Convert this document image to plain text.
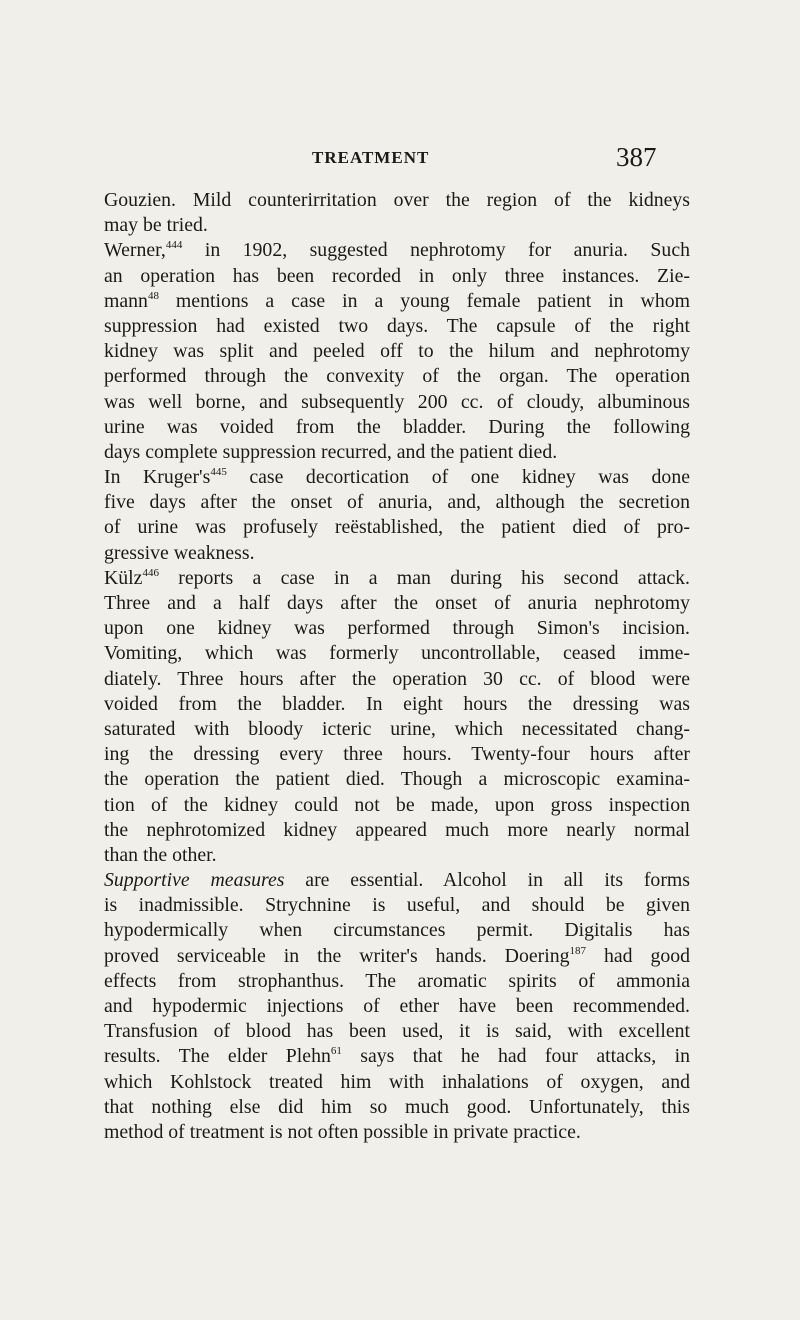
TREATMENT	387
Gouzien. Mild counterirritation over the region of the kidneys
may be tried.
Werner,$^{444}$ in 1902, suggested nephrotomy for anuria. Such
an operation has been recorded in only three instances. Zie-
mann$^{48}$ mentions a case in a young female patient in whom
suppression had existed two days. The capsule of the right
kidney was split and peeled off to the hilum and nephrotomy
performed through the convexity of the organ. The operation
was well borne, and subsequently 200 cc. of cloudy, albuminous
urine was voided from the bladder. During the following
days complete suppression recurred, and the patient died.
In $Kruger's^{445}$ case decortication of one kidney was done
five days after the onset of anuria, and, although the secretion
of urine was profusely reëstablished, the patient died of pro-
gressive weakness.
Külz$^{446}$ reports a case in a man during his second attack.
Three and a half days after the onset of anuria nephrotomy
upon one kidney was performed through Simon's incision.
Vomiting, which was formerly uncontrollable, ceased imme-
diately. Three hours after the operation 30 cc. of blood were
voided from the bladder. In eight hours the dressing was
saturated with bloody icteric urine, which necessitated chang-
ing the dressing every three hours. Twenty-four hours after
the operation the patient died. Though a microscopic examina-
tion of the kidney could not be made, upon gross inspection
the nephrotomized kidney appeared much more nearly normal
than the other.
Supportive measures are essential. Alcohol in all its forms
is inadmissible. Strychnine is useful, and should be given
hypodermically when circumstances permit. Digitalis has
proved serviceable in the writer's hands. Doering$^{187}$ had good
effects from strophanthus. The aromatic spirits of ammonia
and hypodermic injections of ether have been recommended.
Transfusion of blood has been used, it is said, with excellent
results. The elder Plehn$^{61}$ says that he had four attacks, in
which Kohlstock treated him with inhalations of oxygen, and
that nothing else did him so much good. Unfortunately, this
method of treatment is not often possible in private practice.
